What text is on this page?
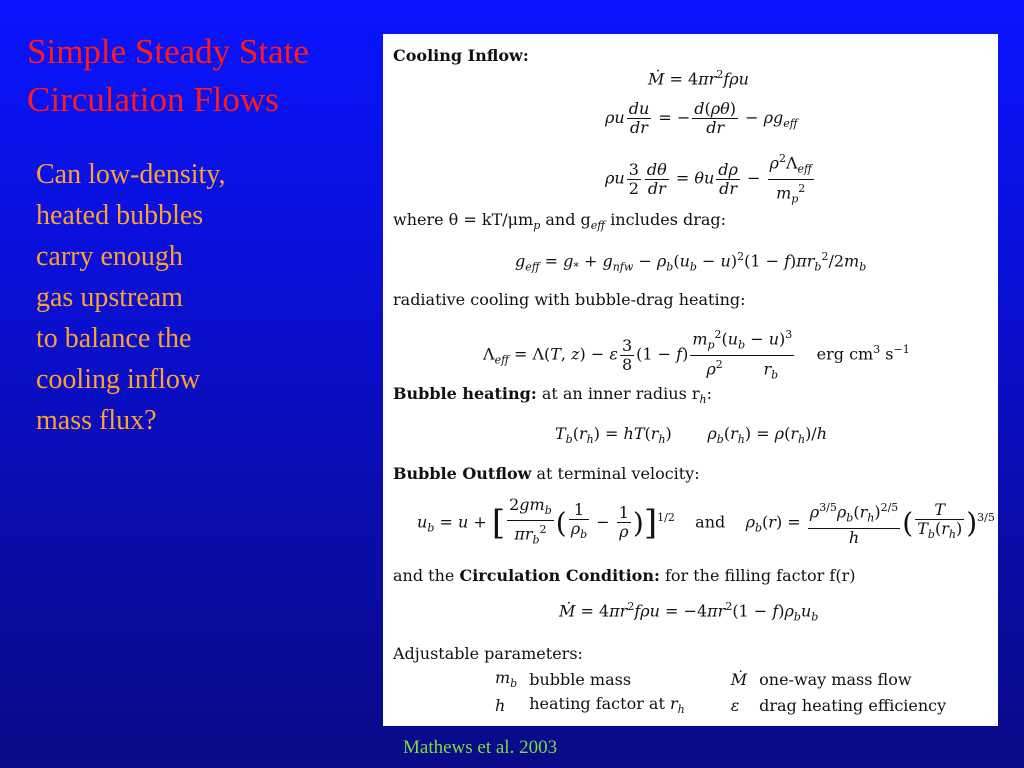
Simple Steady State
Circulation Flows
Can low-density,
heated bubbles
carry enough
gas upstream
to balance the
cooling inflow
mass flux?
Cooling Inflow:
Ṁ = $4\pi r^2f\rho u$
ρu $\frac{du}{dr}$ = − $\frac{d(\rho\theta)}{dr} - \rho g_{eff}$
ρu $\frac{3}{2} \frac{d\theta}{dr} = \theta u \frac{d\rho}{dr} - \frac{\rho^2\Lambda_{eff}}{m_p^2}$
where $\theta = kT/\mu m_p$ and $g_{eff}$ includes drag:
$g_{eff} = g_* + g_{nfw} - \rho_b(u_b - u)^2(1 - f)\pi r_b^2/2m_b$
radiative cooling with bubble-drag heating:
$\Lambda_{eff} = \Lambda(T$, z) − ε $\frac{3}{8} (1 - f) m_p^2(u_b - u)^3$
$\rho^2$	$r_b$ erg $cm^3$ $s^{-1}$
Bubble heating: at an inner radius $r_h$:
$T_b(r_h) = hT(r_h)$       $\rho_b(r_h) = \rho(r_h)/h$
Bubble Outflow at terminal velocity:
$u_b = u$ + [ $\frac{2gm_b}{\pi r_b^2}$ ( $\frac{1}{\rho_b} - \frac{1}{\rho} )]^{1/2}$ and $\rho_b(r) = \frac{\rho^{3/5}\rho_b(r_h)^{2/5}}{h}$ ( $\frac{T}{T_b(r_h)} )^{3/5}$
and the Circulation Condition: for the filling factor f(r)
Ṁ = $4\pi r^2f\rho u = -4\pi r^2(1 - f)\rho_bu_b$
Adjustable parameters:
$m_b$	bubble mass	Ṁ	one-way mass flow
h	heating factor at $r_h$	ε	drag heating efficiency
Mathews et al. 2003
